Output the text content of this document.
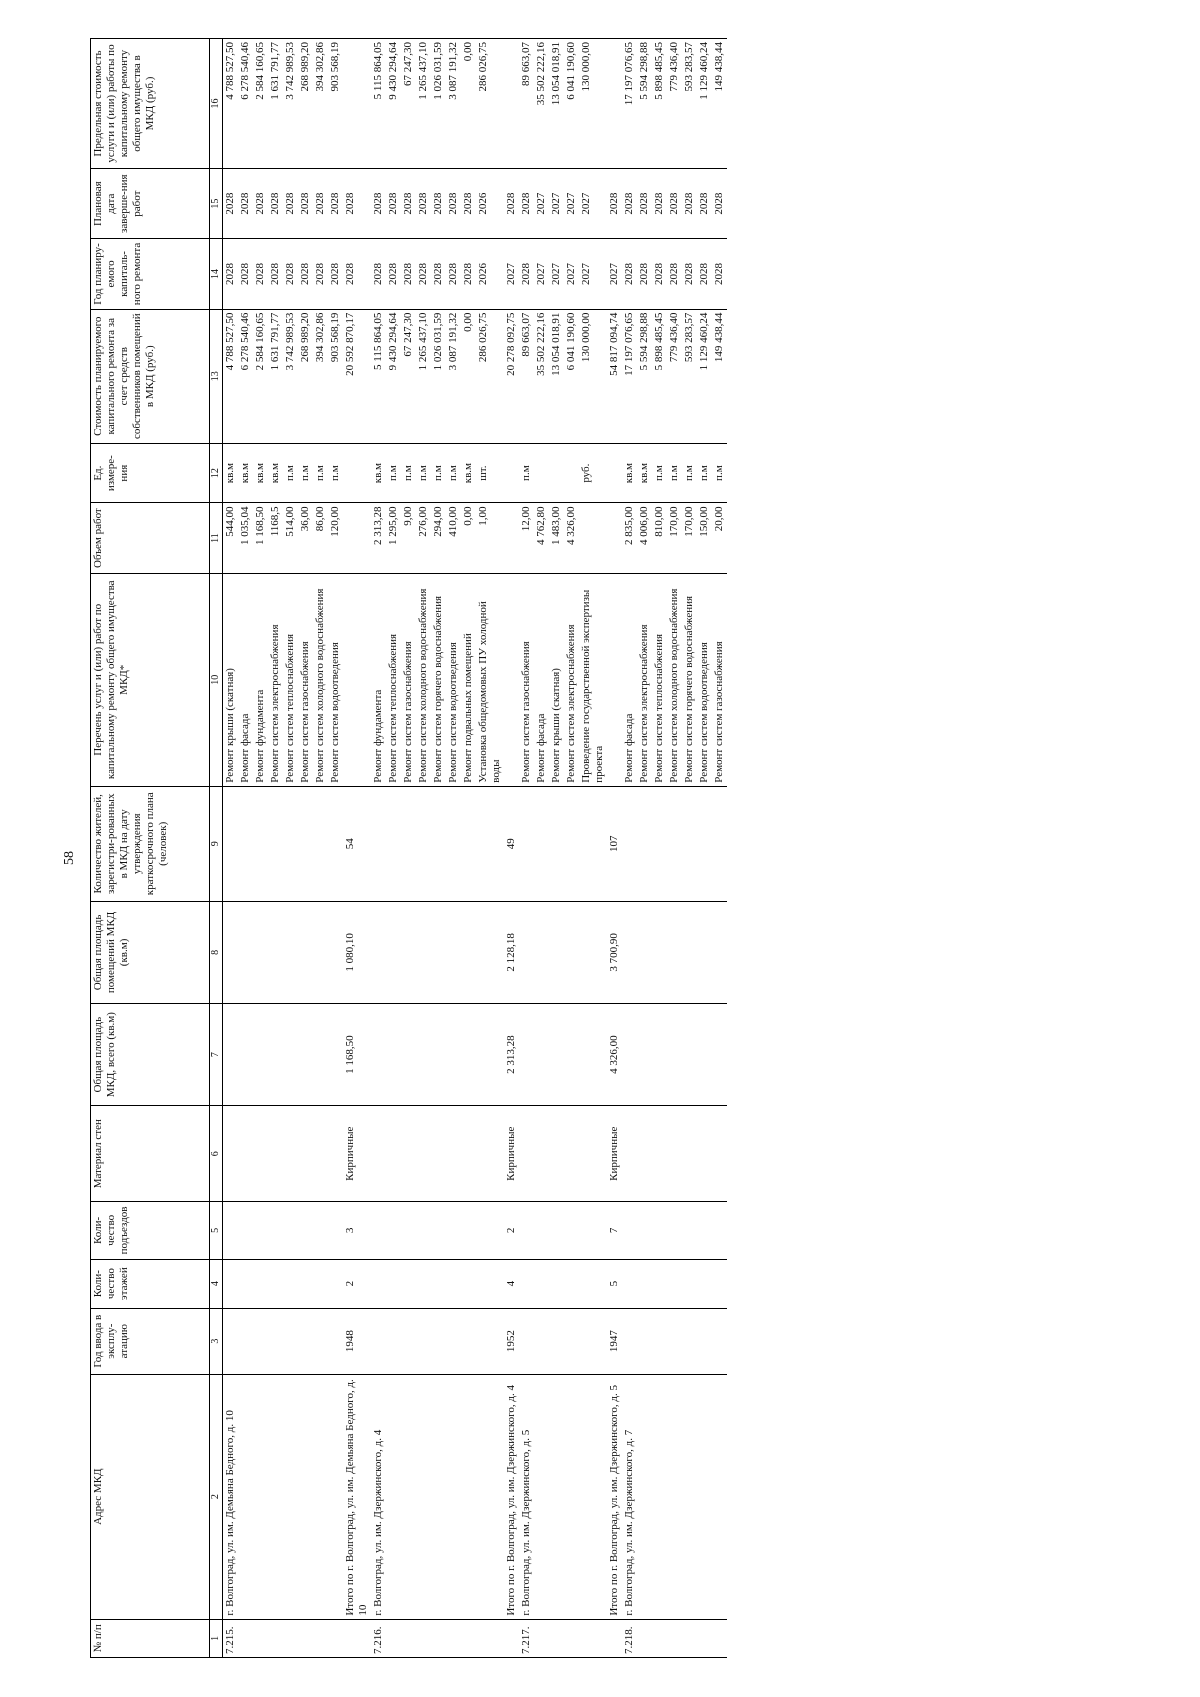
58
№ п/п	Адрес МКД	Год ввода в эксплу-атацию	Коли-чество этажей	Коли-чество подъездов	Материал стен	Общая площадь МКД, всего (кв.м)	Общая площадь помещений МКД (кв.м)	Количество жителей, зарегистри-рованных в МКД на дату утверждения краткосрочного плана (человек)	Перечень услуг и (или) работ по капитальному ремонту общего имущества МКД*	Объем работ	Ед. измере-ния	Стоимость планируемого капитального ремонта за счет средств собственников помещений в МКД (руб.)	Год планиру-емого капиталь-ного ремонта	Плановая дата заверше-ния работ	Предельная стоимость услуги и (или) работы по капитальному ремонту общего имущества в МКД (руб.)
1	2	3	4	5	6	7	8	9	10	11	12	13	14	15	16
7.215.	г. Волгоград, ул. им. Демьяна Бедного, д. 10								Ремонт крыши (скатная)	544,00	кв.м	4 788 527,50	2028	2028	4 788 527,50
									Ремонт фасада	1 035,04	кв.м	6 278 540,46	2028	2028	6 278 540,46
									Ремонт фундамента	1 168,50	кв.м	2 584 160,65	2028	2028	2 584 160,65
									Ремонт систем электроснабжения	1168,5	кв.м	1 631 791,77	2028	2028	1 631 791,77
									Ремонт систем теплоснабжения	514,00	п.м	3 742 989,53	2028	2028	3 742 989,53
									Ремонт систем газоснабжения	36,00	п.м	268 989,20	2028	2028	268 989,20
									Ремонт систем холодного водоснабжения	86,00	п.м	394 302,86	2028	2028	394 302,86
									Ремонт систем водоотведения	120,00	п.м	903 568,19	2028	2028	903 568,19
	Итого по г. Волгоград, ул. им. Демьяна Бедного, д. 10	1948	2	3	Кирпичные	1 168,50	1 080,10	54				20 592 870,17	2028	2028	
7.216.	г. Волгоград, ул. им. Дзержинского, д. 4								Ремонт фундамента	2 313,28	кв.м	5 115 864,05	2028	2028	5 115 864,05
									Ремонт систем теплоснабжения	1 295,00	п.м	9 430 294,64	2028	2028	9 430 294,64
									Ремонт систем газоснабжения	9,00	п.м	67 247,30	2028	2028	67 247,30
									Ремонт систем холодного водоснабжения	276,00	п.м	1 265 437,10	2028	2028	1 265 437,10
									Ремонт систем горячего водоснабжения	294,00	п.м	1 026 031,59	2028	2028	1 026 031,59
									Ремонт систем водоотведения	410,00	п.м	3 087 191,32	2028	2028	3 087 191,32
									Ремонт подвальных помещений	0,00	кв.м	0,00	2028	2028	0,00
									Установка общедомовых ПУ холодной воды	1,00	шт.	286 026,75	2026	2026	286 026,75
	Итого по г. Волгоград, ул. им. Дзержинского, д. 4	1952	4	2	Кирпичные	2 313,28	2 128,18	49				20 278 092,75	2027	2028	
7.217.	г. Волгоград, ул. им. Дзержинского, д. 5								Ремонт систем газоснабжения	12,00	п.м	89 663,07	2028	2028	89 663,07
									Ремонт фасада	4 762,80		35 502 222,16	2027	2027	35 502 222,16
									Ремонт крыши (скатная)	1 483,00		13 054 018,91	2027	2027	13 054 018,91
									Ремонт систем электроснабжения	4 326,00		6 041 190,60	2027	2027	6 041 190,60
									Проведение государственной экспертизы проекта		руб.	130 000,00	2027	2027	130 000,00
	Итого по г. Волгоград, ул. им. Дзержинского, д. 5	1947	5	7	Кирпичные	4 326,00	3 700,90	107				54 817 094,74	2027	2028	
7.218.	г. Волгоград, ул. им. Дзержинского, д. 7								Ремонт фасада	2 835,00	кв.м	17 197 076,65	2028	2028	17 197 076,65
									Ремонт систем электроснабжения	4 006,00	кв.м	5 594 298,88	2028	2028	5 594 298,88
									Ремонт систем теплоснабжения	810,00	п.м	5 898 485,45	2028	2028	5 898 485,45
									Ремонт систем холодного водоснабжения	170,00	п.м	779 436,40	2028	2028	779 436,40
									Ремонт систем горячего водоснабжения	170,00	п.м	593 283,57	2028	2028	593 283,57
									Ремонт систем водоотведения	150,00	п.м	1 129 460,24	2028	2028	1 129 460,24
									Ремонт систем газоснабжения	20,00	п.м	149 438,44	2028	2028	149 438,44
